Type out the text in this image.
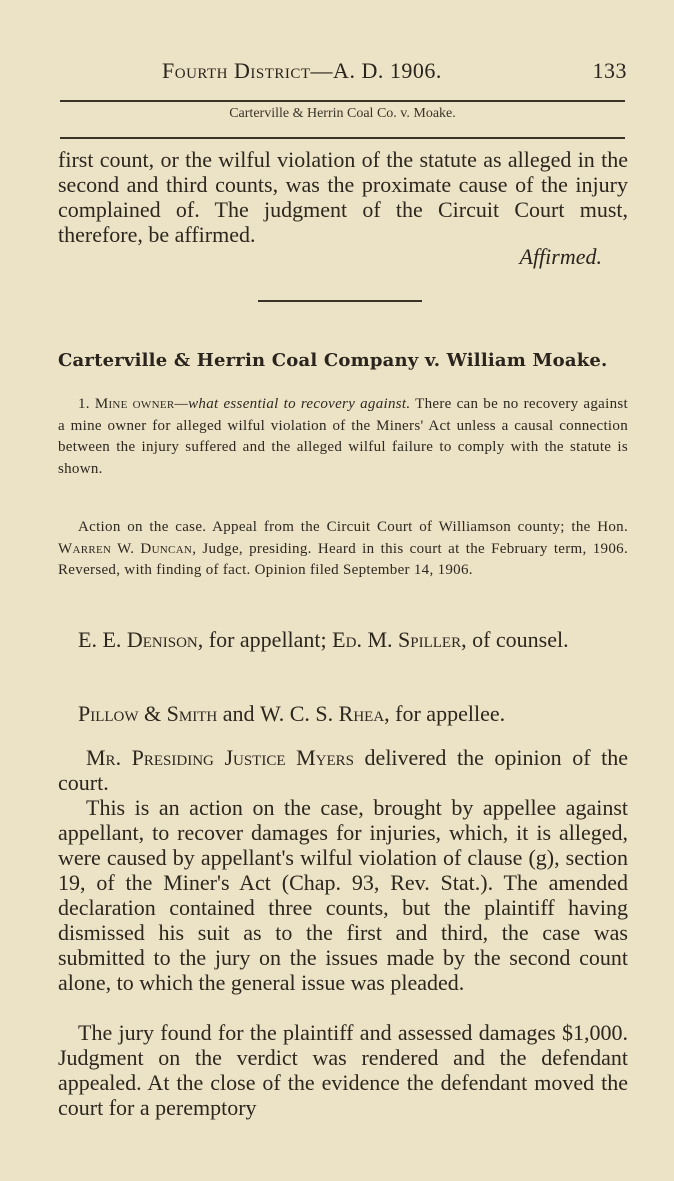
Fourth District—A. D. 1906.	133
Carterville & Herrin Coal Co. v. Moake.
first count, or the wilful violation of the statute as alleged in the second and third counts, was the proximate cause of the injury complained of. The judgment of the Circuit Court must, therefore, be affirmed.
Affirmed.
Carterville & Herrin Coal Company v. William Moake.
1. Mine owner—what essential to recovery against. There can be no recovery against a mine owner for alleged wilful violation of the Miners' Act unless a causal connection between the injury suffered and the alleged wilful failure to comply with the statute is shown.
Action on the case. Appeal from the Circuit Court of Williamson county; the Hon. Warren W. Duncan, Judge, presiding. Heard in this court at the February term, 1906. Reversed, with finding of fact. Opinion filed September 14, 1906.
E. E. Denison, for appellant; Ed. M. Spiller, of counsel.
Pillow & Smith and W. C. S. Rhea, for appellee.
Mr. Presiding Justice Myers delivered the opinion of the court.
This is an action on the case, brought by appellee against appellant, to recover damages for injuries, which, it is alleged, were caused by appellant's wilful violation of clause (g), section 19, of the Miner's Act (Chap. 93, Rev. Stat.). The amended declaration contained three counts, but the plaintiff having dismissed his suit as to the first and third, the case was submitted to the jury on the issues made by the second count alone, to which the general issue was pleaded.
The jury found for the plaintiff and assessed damages $1,000. Judgment on the verdict was rendered and the defendant appealed. At the close of the evidence the defendant moved the court for a peremptory
